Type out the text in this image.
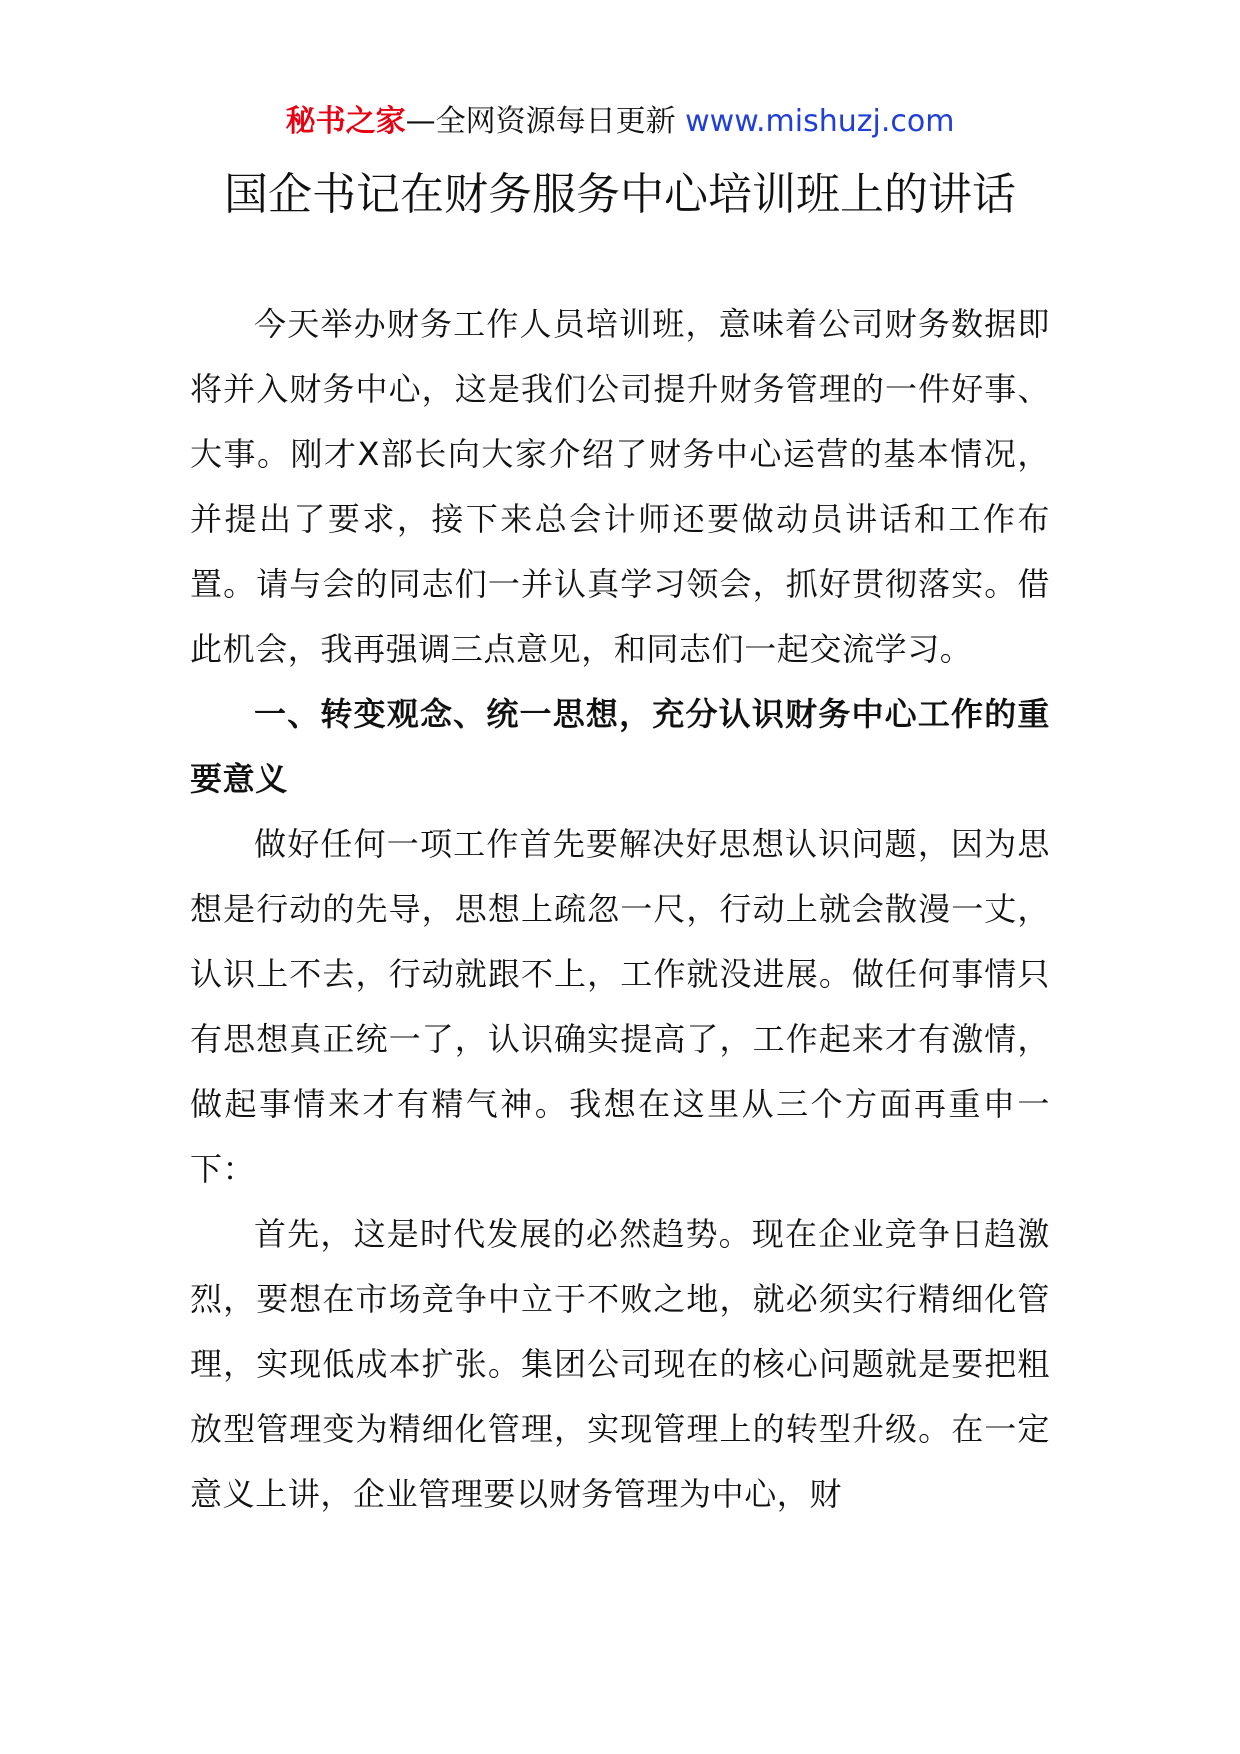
秘书之家—全网资源每日更新 www.mishuzj.com
国企书记在财务服务中心培训班上的讲话

今天举办财务工作人员培训班，意味着公司财务数据即将并入财务中心，这是我们公司提升财务管理的一件好事、大事。刚才X部长向大家介绍了财务中心运营的基本情况，并提出了要求，接下来总会计师还要做动员讲话和工作布置。请与会的同志们一并认真学习领会，抓好贯彻落实。借此机会，我再强调三点意见，和同志们一起交流学习。

一、转变观念、统一思想，充分认识财务中心工作的重要意义

做好任何一项工作首先要解决好思想认识问题，因为思想是行动的先导，思想上疏忽一尺，行动上就会散漫一丈，认识上不去，行动就跟不上，工作就没进展。做任何事情只有思想真正统一了，认识确实提高了，工作起来才有激情，做起事情来才有精气神。我想在这里从三个方面再重申一下：

首先，这是时代发展的必然趋势。现在企业竞争日趋激烈，要想在市场竞争中立于不败之地，就必须实行精细化管理，实现低成本扩张。集团公司现在的核心问题就是要把粗放型管理变为精细化管理，实现管理上的转型升级。在一定意义上讲，企业管理要以财务管理为中心，财
